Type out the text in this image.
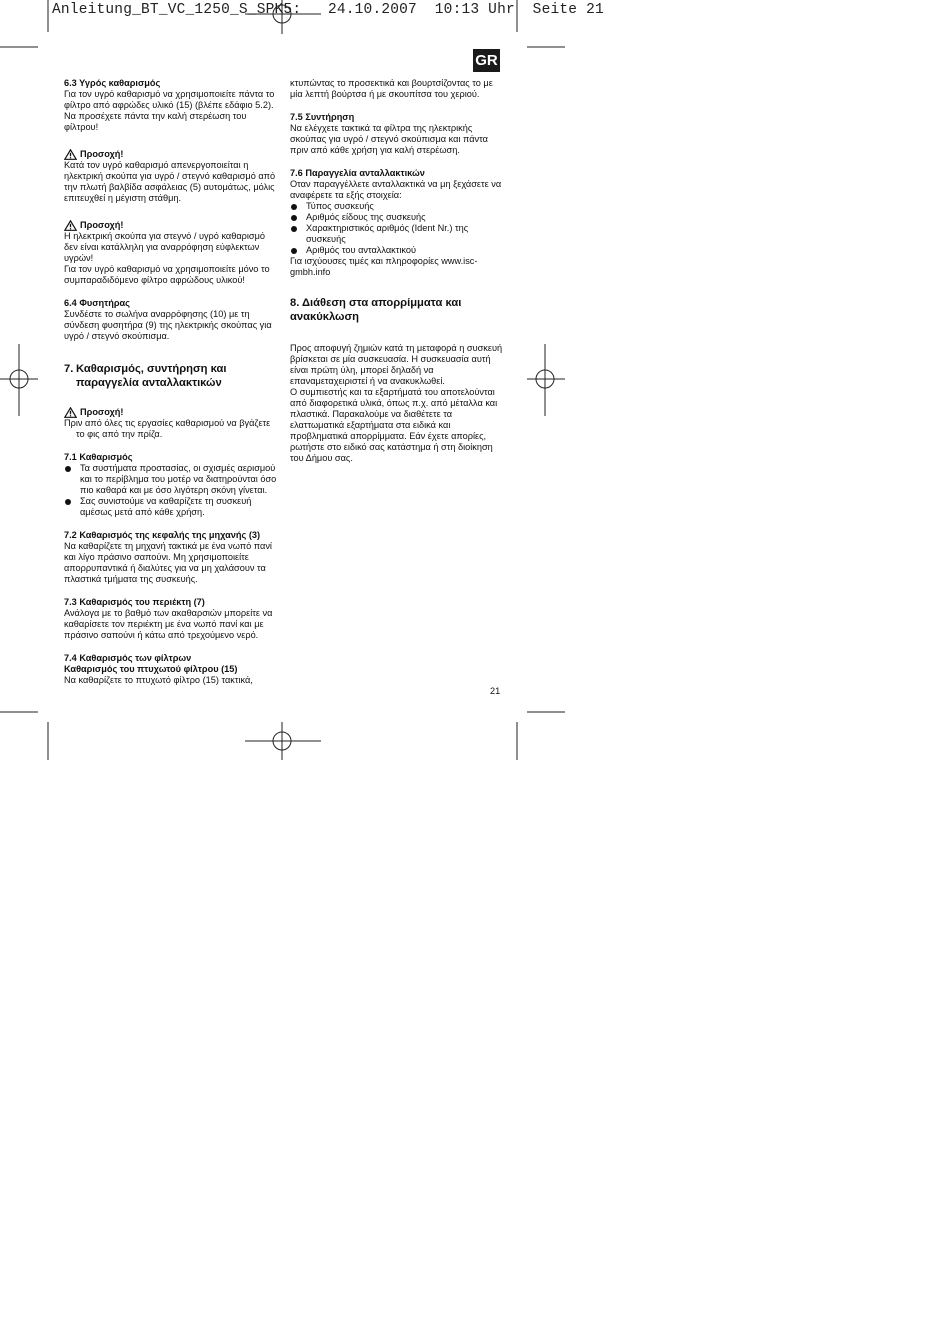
Anleitung_BT_VC_1250_S_SPK5:   24.10.2007  10:13 Uhr  Seite 21
GR

6.3 Υγρός καθαρισμός

Για τον υγρό καθαρισμό να χρησιμοποιείτε πάντα το φίλτρο από αφρώδες υλικό (15) (βλέπε εδάφιο 5.2). Να προσέχετε πάντα την καλή στερέωση του φίλτρου!

Προσοχή!

Κατά τον υγρό καθαρισμό απενεργοποιείται η ηλεκτρική σκούπα για υγρό / στεγνό καθαρισμό από την πλωτή βαλβίδα ασφάλειας (5) αυτομάτως, μόλις επιτευχθεί η μέγιστη στάθμη.

Προσοχή!

Η ηλεκτρική σκούπα για στεγνό / υγρό καθαρισμό δεν είναι κατάλληλη για αναρρόφηση εύφλεκτων υγρών!

Για τον υγρό καθαρισμό να χρησιμοποιείτε μόνο το συμπαραδιδόμενο φίλτρο αφρώδους υλικού!

6.4 Φυσητήρας

Συνδέστε το σωλήνα αναρρόφησης (10) με τη σύνδεση φυσητήρα (9) της ηλεκτρικής σκούπας για υγρό / στεγνό σκούπισμα.

7. Καθαρισμός, συντήρηση και
παραγγελία ανταλλακτικών
Προσοχή!

Πριν από όλες τις εργασίες καθαρισμού να βγάζετε

το φις από την πρίζα.

7.1 Καθαρισμός

Τα συστήματα προστασίας, οι σχισμές αερισμού και το περίβλημα του μοτέρ να διατηρούνται όσο πιο καθαρά και με όσο λιγότερη σκόνη γίνεται.
Σας συνιστούμε να καθαρίζετε τη συσκευή αμέσως μετά από κάθε χρήση.

7.2 Καθαρισμός της κεφαλής της μηχανής (3)

Να καθαρίζετε τη μηχανή τακτικά με ένα νωπό πανί και λίγο πράσινο σαπούνι. Μη χρησιμοποιείτε απορρυπαντικά ή διαλύτες για να μη χαλάσουν τα πλαστικά τμήματα της συσκευής.

7.3 Καθαρισμός του περιέκτη (7)

Ανάλογα με το βαθμό των ακαθαρσιών μπορείτε να καθαρίσετε τον περιέκτη με ένα νωπό πανί και με πράσινο σαπούνι ή κάτω από τρεχούμενο νερό.

7.4 Καθαρισμός των φίλτρων

Καθαρισμός του πτυχωτού φίλτρου (15)

Να καθαρίζετε το πτυχωτό φίλτρο (15) τακτικά,

κτυπώντας το προσεκτικά και βουρτσίζοντας το με μία λεπτή βούρτσα ή με σκουπίτσα του χεριού.

7.5 Συντήρηση

Να ελέγχετε τακτικά τα φίλτρα της ηλεκτρικής σκούπας για υγρό / στεγνό σκούπισμα και πάντα πριν από κάθε χρήση για καλή στερέωση.

7.6 Παραγγελία ανταλλακτικών

Οταν παραγγέλλετε ανταλλακτικά να μη ξεχάσετε να αναφέρετε τα εξής στοιχεία:

Τύπος συσκευής
Αριθμός είδους της συσκευής
Χαρακτηριστικός αριθμός (Ident Nr.) της συσκευής
Αριθμός του ανταλλακτικού

Για ισχύουσες τιμές και πληροφορίες www.isc-gmbh.info

8. Διάθεση στα απορρίμματα και
ανακύκλωση

Προς αποφυγή ζημιών κατά τη μεταφορά η συσκευή βρίσκεται σε μία συσκευασία. Η συσκευασία αυτή είναι πρώτη ύλη, μπορεί δηλαδή να επαναμεταχειριστεί ή να ανακυκλωθεί.

Ο συμπιεστής και τα εξαρτήματά του αποτελούνται από διαφορετικά υλικά, όπως π.χ. από μέταλλα και πλαστικά. Παρακαλούμε να διαθέτετε τα ελαττωματικά εξαρτήματα στα ειδικά και προβληματικά απορρίμματα. Εάν έχετε απορίες, ρωτήστε στο ειδικό σας κατάστημα ή στη διοίκηση του Δήμου σας.

21
